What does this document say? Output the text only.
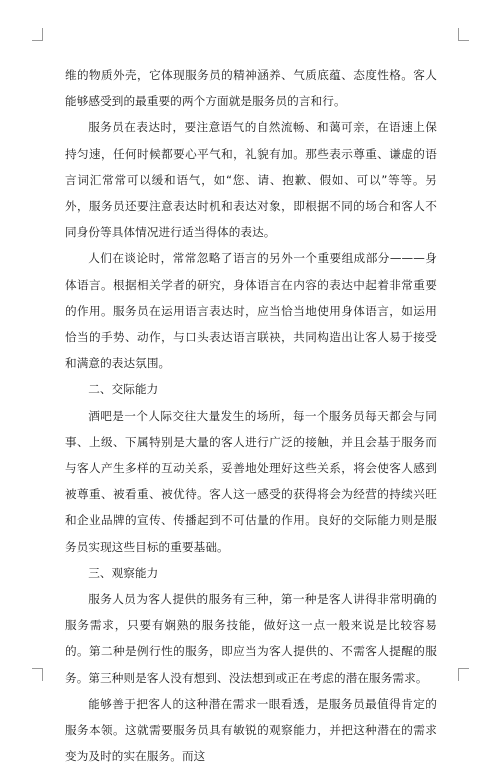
维的物质外壳，它体现服务员的精神涵养、气质底蕴、态度性格。客人能够感受到的最重要的两个方面就是服务员的言和行。

服务员在表达时，要注意语气的自然流畅、和蔼可亲，在语速上保持匀速，任何时候都要心平气和，礼貌有加。那些表示尊重、谦虚的语言词汇常常可以缓和语气，如“您、请、抱歉、假如、可以”等等。另外，服务员还要注意表达时机和表达对象，即根据不同的场合和客人不同身份等具体情况进行适当得体的表达。

人们在谈论时，常常忽略了语言的另外一个重要组成部分———身体语言。根据相关学者的研究，身体语言在内容的表达中起着非常重要的作用。服务员在运用语言表达时，应当恰当地使用身体语言，如运用恰当的手势、动作，与口头表达语言联袂，共同构造出让客人易于接受和满意的表达氛围。

二、交际能力

酒吧是一个人际交往大量发生的场所，每一个服务员每天都会与同事、上级、下属特别是大量的客人进行广泛的接触，并且会基于服务而与客人产生多样的互动关系，妥善地处理好这些关系，将会使客人感到被尊重、被看重、被优待。客人这一感受的获得将会为经营的持续兴旺和企业品牌的宣传、传播起到不可估量的作用。良好的交际能力则是服务员实现这些目标的重要基础。

三、观察能力

服务人员为客人提供的服务有三种，第一种是客人讲得非常明确的服务需求，只要有娴熟的服务技能，做好这一点一般来说是比较容易的。第二种是例行性的服务，即应当为客人提供的、不需客人提醒的服务。第三种则是客人没有想到、没法想到或正在考虑的潜在服务需求。

能够善于把客人的这种潜在需求一眼看透，是服务员最值得肯定的服务本领。这就需要服务员具有敏锐的观察能力，并把这种潜在的需求变为及时的实在服务。而这
